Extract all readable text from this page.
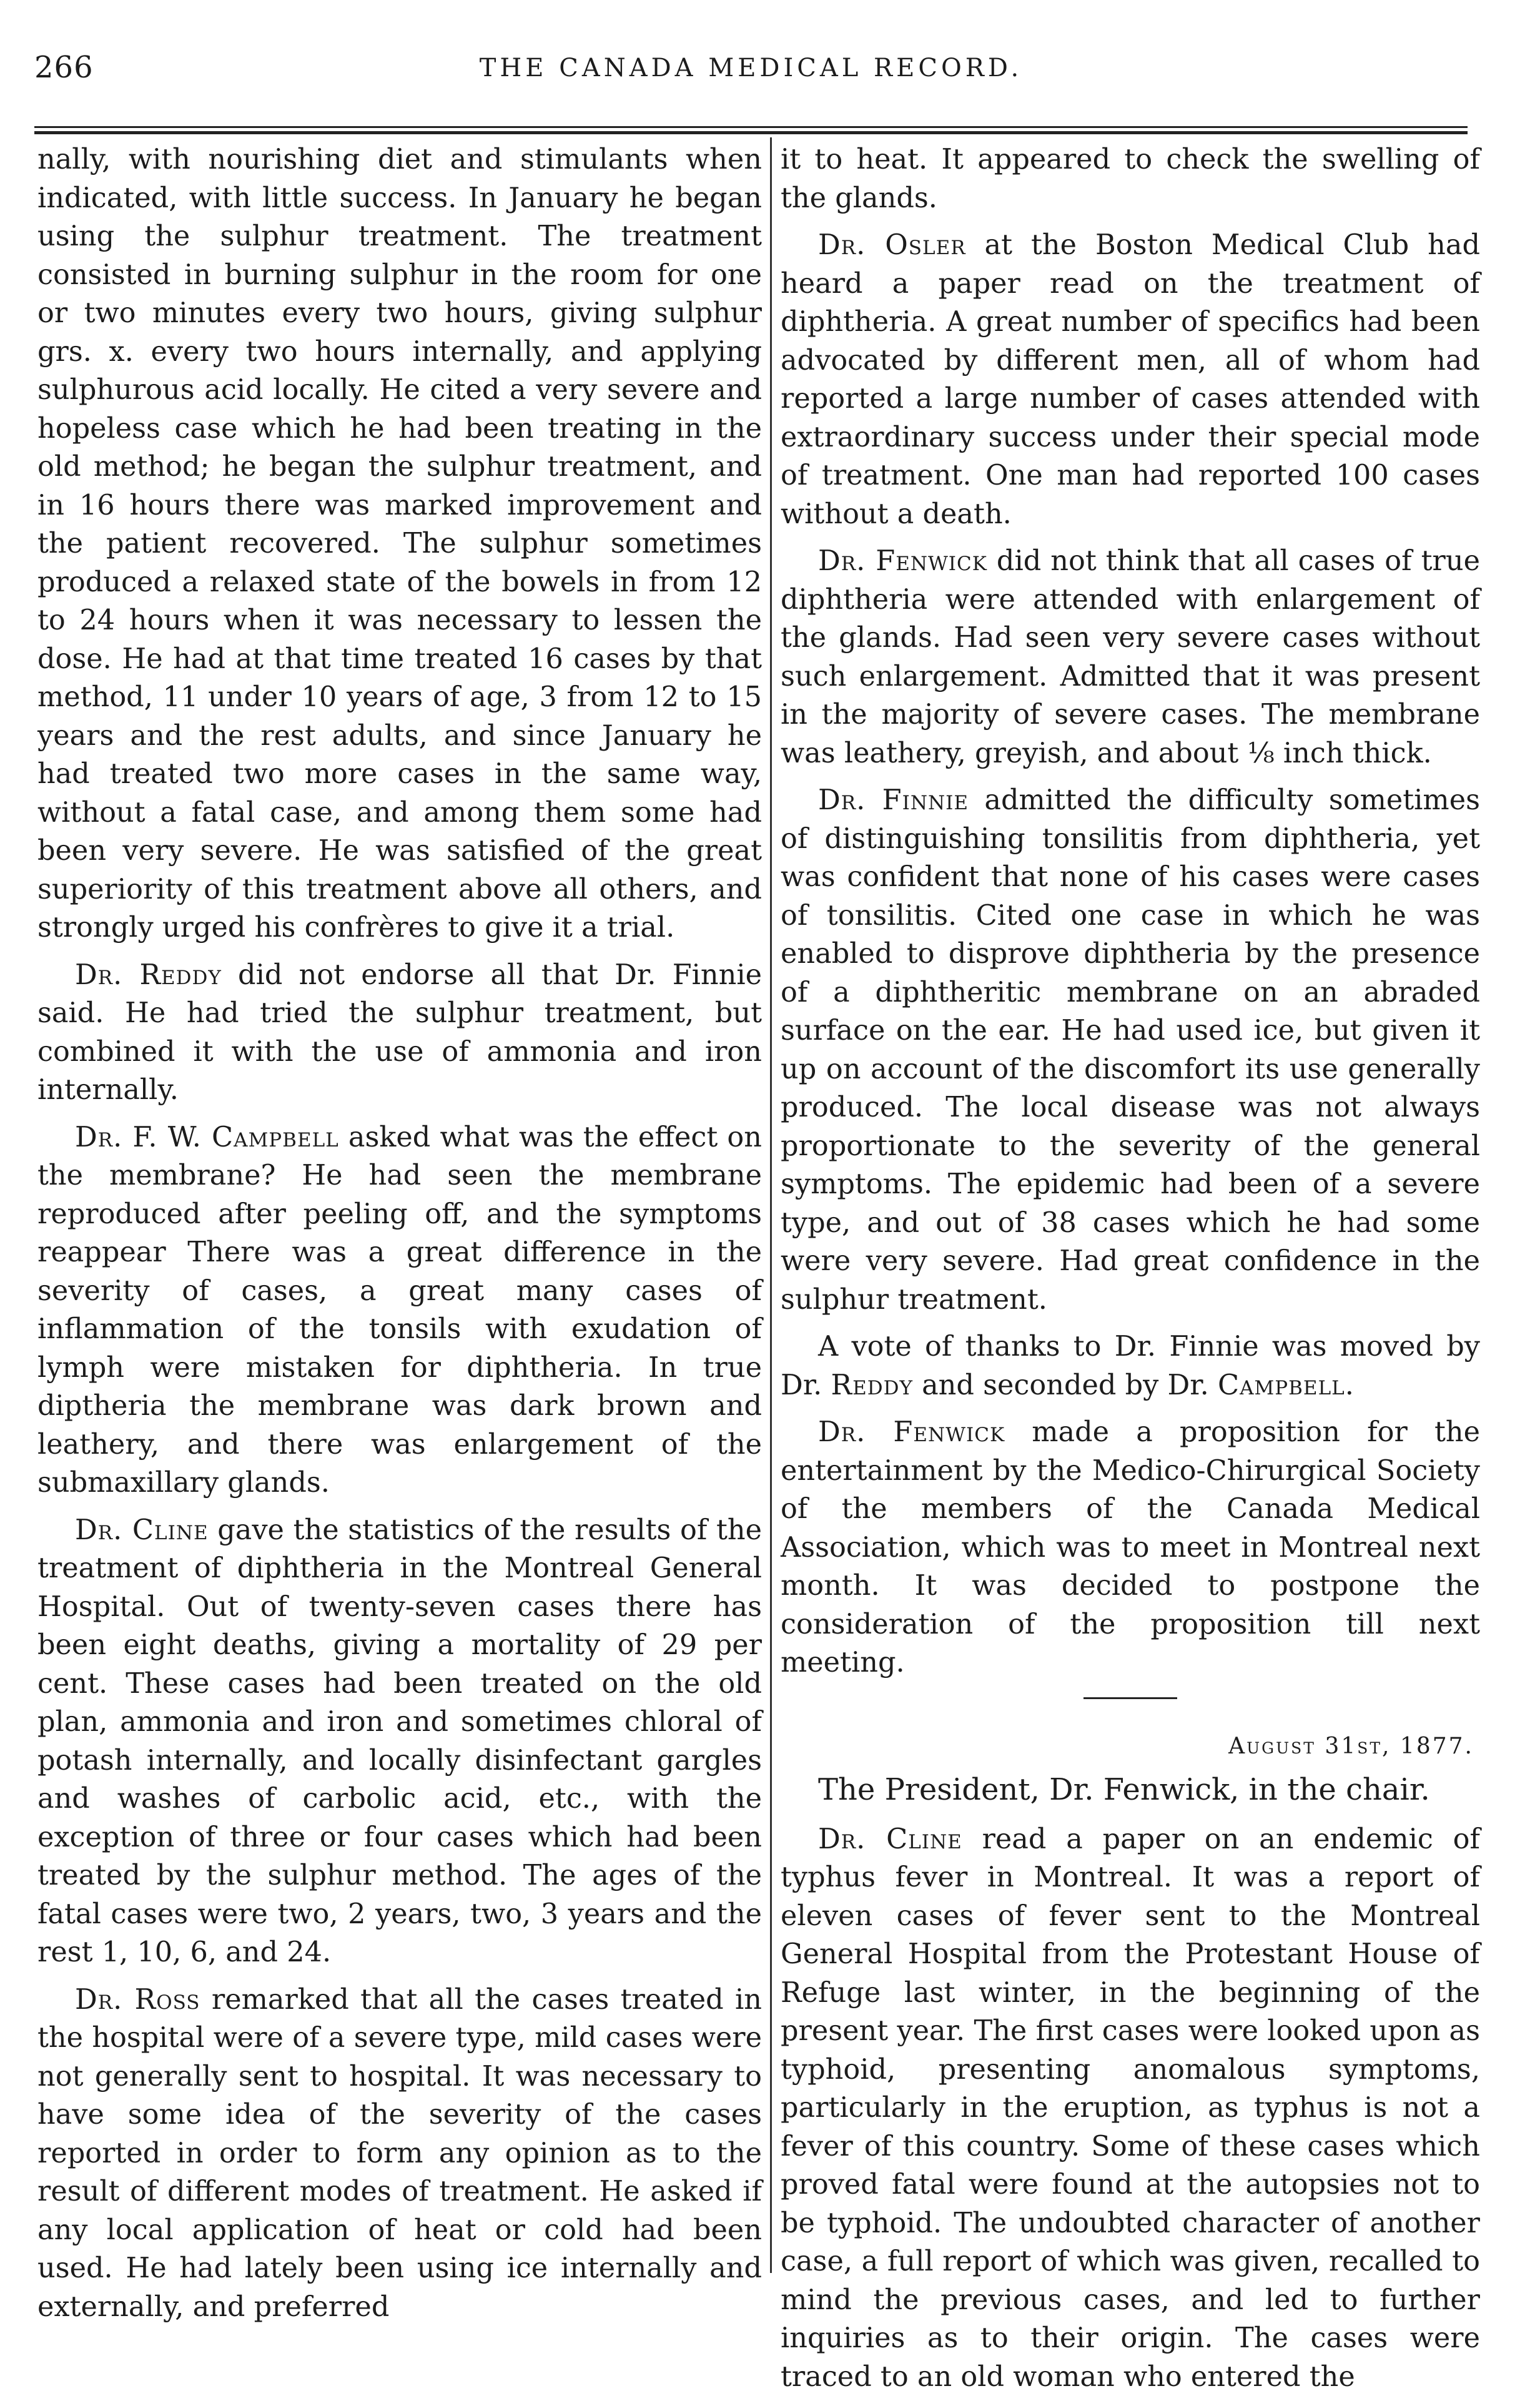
266	THE CANADA MEDICAL RECORD.

nally, with nourishing diet and stimulants when indicated, with little success. In January he began using the sulphur treatment. The treatment consisted in burning sulphur in the room for one or two minutes every two hours, giving sulphur grs. x. every two hours internally, and applying sulphurous acid locally. He cited a very severe and hopeless case which he had been treating in the old method; he began the sulphur treatment, and in 16 hours there was marked improvement and the patient recovered. The sulphur sometimes produced a relaxed state of the bowels in from 12 to 24 hours when it was necessary to lessen the dose. He had at that time treated 16 cases by that method, 11 under 10 years of age, 3 from 12 to 15 years and the rest adults, and since January he had treated two more cases in the same way, without a fatal case, and among them some had been very severe. He was satisfied of the great superiority of this treatment above all others, and strongly urged his confrères to give it a trial.

Dr. Reddy did not endorse all that Dr. Finnie said. He had tried the sulphur treatment, but combined it with the use of ammonia and iron internally.

Dr. F. W. Campbell asked what was the effect on the membrane? He had seen the membrane reproduced after peeling off, and the symptoms reappear There was a great difference in the severity of cases, a great many cases of inflammation of the tonsils with exudation of lymph were mistaken for diphtheria. In true diptheria the membrane was dark brown and leathery, and there was enlargement of the submaxillary glands.

Dr. Cline gave the statistics of the results of the treatment of diphtheria in the Montreal General Hospital. Out of twenty-seven cases there has been eight deaths, giving a mortality of 29 per cent. These cases had been treated on the old plan, ammonia and iron and sometimes chloral of potash internally, and locally disinfectant gargles and washes of carbolic acid, etc., with the exception of three or four cases which had been treated by the sulphur method. The ages of the fatal cases were two, 2 years, two, 3 years and the rest 1, 10, 6, and 24.

Dr. Ross remarked that all the cases treated in the hospital were of a severe type, mild cases were not generally sent to hospital. It was necessary to have some idea of the severity of the cases reported in order to form any opinion as to the result of different modes of treatment. He asked if any local application of heat or cold had been used. He had lately been using ice internally and externally, and preferred

it to heat. It appeared to check the swelling of the glands.

Dr. Osler at the Boston Medical Club had heard a paper read on the treatment of diphtheria. A great number of specifics had been advocated by different men, all of whom had reported a large number of cases attended with extraordinary success under their special mode of treatment. One man had reported 100 cases without a death.

Dr. Fenwick did not think that all cases of true diphtheria were attended with enlargement of the glands. Had seen very severe cases without such enlargement. Admitted that it was present in the majority of severe cases. The membrane was leathery, greyish, and about ⅛ inch thick.

Dr. Finnie admitted the difficulty sometimes of distinguishing tonsilitis from diphtheria, yet was confident that none of his cases were cases of tonsilitis. Cited one case in which he was enabled to disprove diphtheria by the presence of a diphtheritic membrane on an abraded surface on the ear. He had used ice, but given it up on account of the discomfort its use generally produced. The local disease was not always proportionate to the severity of the general symptoms. The epidemic had been of a severe type, and out of 38 cases which he had some were very severe. Had great confidence in the sulphur treatment.

A vote of thanks to Dr. Finnie was moved by Dr. Reddy and seconded by Dr. Campbell.

Dr. Fenwick made a proposition for the entertainment by the Medico-Chirurgical Society of the members of the Canada Medical Association, which was to meet in Montreal next month. It was decided to postpone the consideration of the proposition till next meeting.

August 31st, 1877.

The President, Dr. Fenwick, in the chair.

Dr. Cline read a paper on an endemic of typhus fever in Montreal. It was a report of eleven cases of fever sent to the Montreal General Hospital from the Protestant House of Refuge last winter, in the beginning of the present year. The first cases were looked upon as typhoid, presenting anomalous symptoms, particularly in the eruption, as typhus is not a fever of this country. Some of these cases which proved fatal were found at the autopsies not to be typhoid. The undoubted character of another case, a full report of which was given, recalled to mind the previous cases, and led to further inquiries as to their origin. The cases were traced to an old woman who entered the
